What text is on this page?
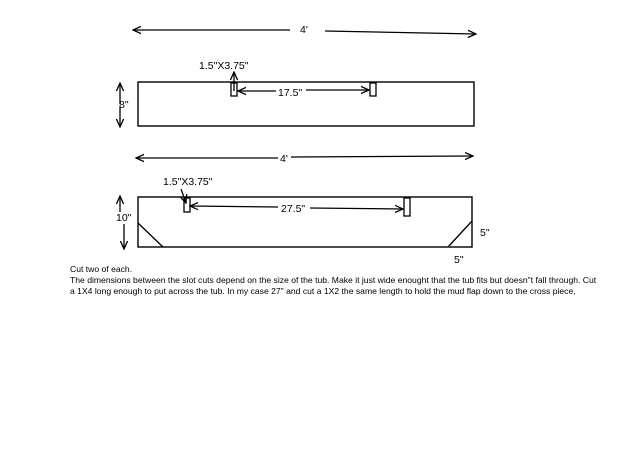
4'
8"
1.5"X3.75"
17.5"
4'
10"
1.5"X3.75"
27.5"
5"
5"

Cut two of each.

The dimensions between the slot cuts depend on the size of the tub. Make it just wide enought that the tub fits but doesn"t fall through. Cut a 1X4 long enough to put across the tub. In my case 27" and cut a 1X2 the same length to hold the mud flap down to the cross piece,
